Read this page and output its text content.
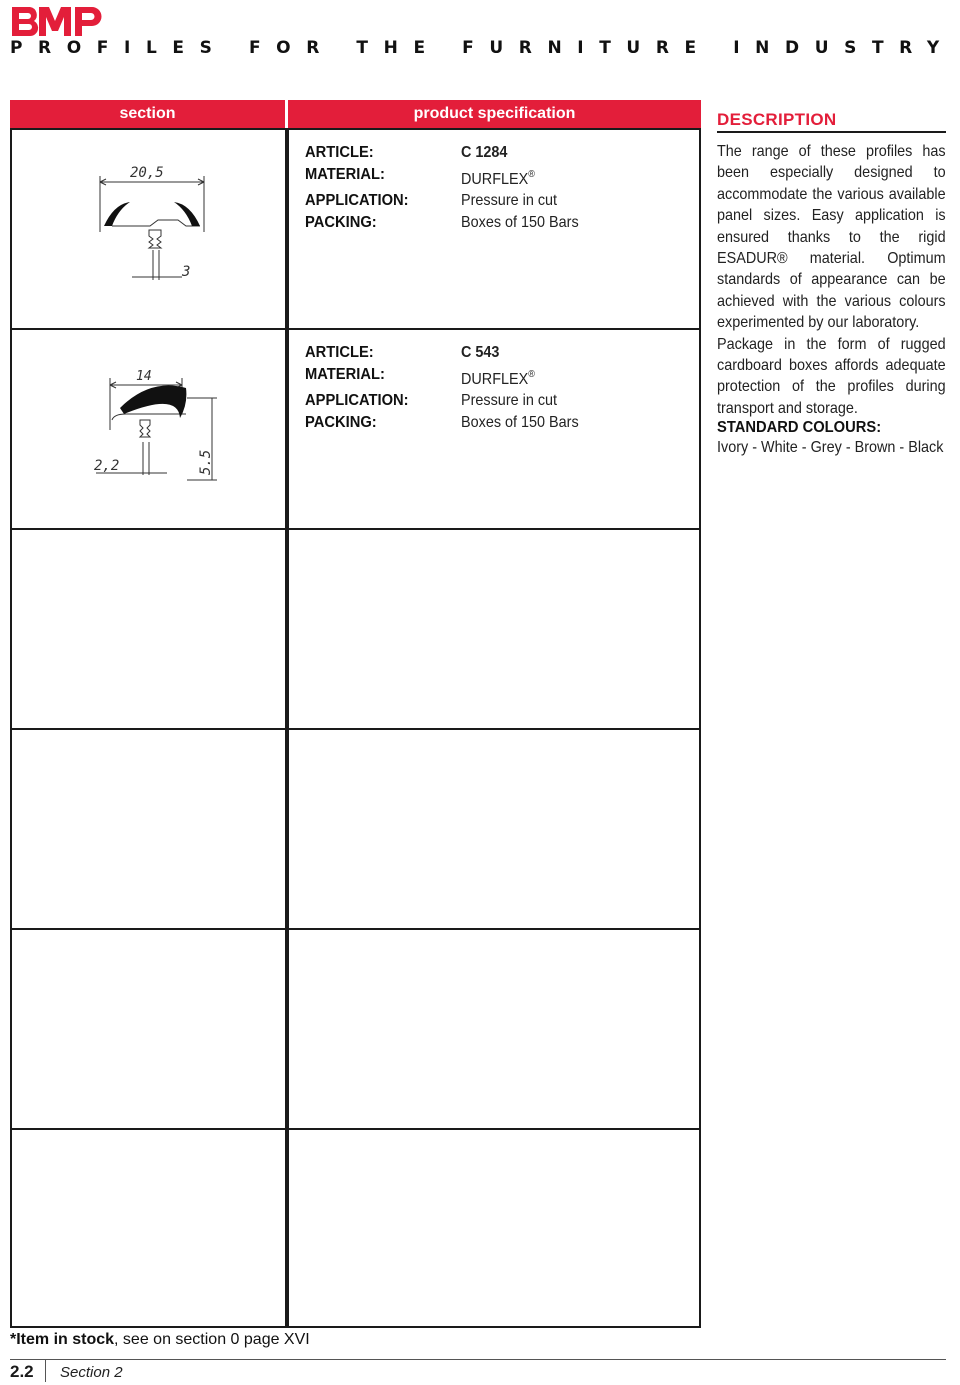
PROFILES FOR THE FURNITURE INDUSTRY
section	product specification
20,5
3
ARTICLE:	C 1284
MATERIAL:	DURFLEX®
APPLICATION:	Pressure in cut
PACKING:	Boxes of 150 Bars
14
2,2	5.5
ARTICLE:	C 543
MATERIAL:	DURFLEX®
APPLICATION:	Pressure in cut
PACKING:	Boxes of 150 Bars
DESCRIPTION

The range of these profiles has been especially designed to accommodate the various available panel sizes. Easy application is ensured thanks to the rigid ESADUR® material. Optimum standards of appearance can be achieved with the various colours experimented by our laboratory.

Package in the form of rugged cardboard boxes affords adequate protection of the profiles during transport and storage.

STANDARD COLOURS:
Ivory - White - Grey - Brown - Black
*Item in stock, see on section 0 page XVI
2.2 Section 2
